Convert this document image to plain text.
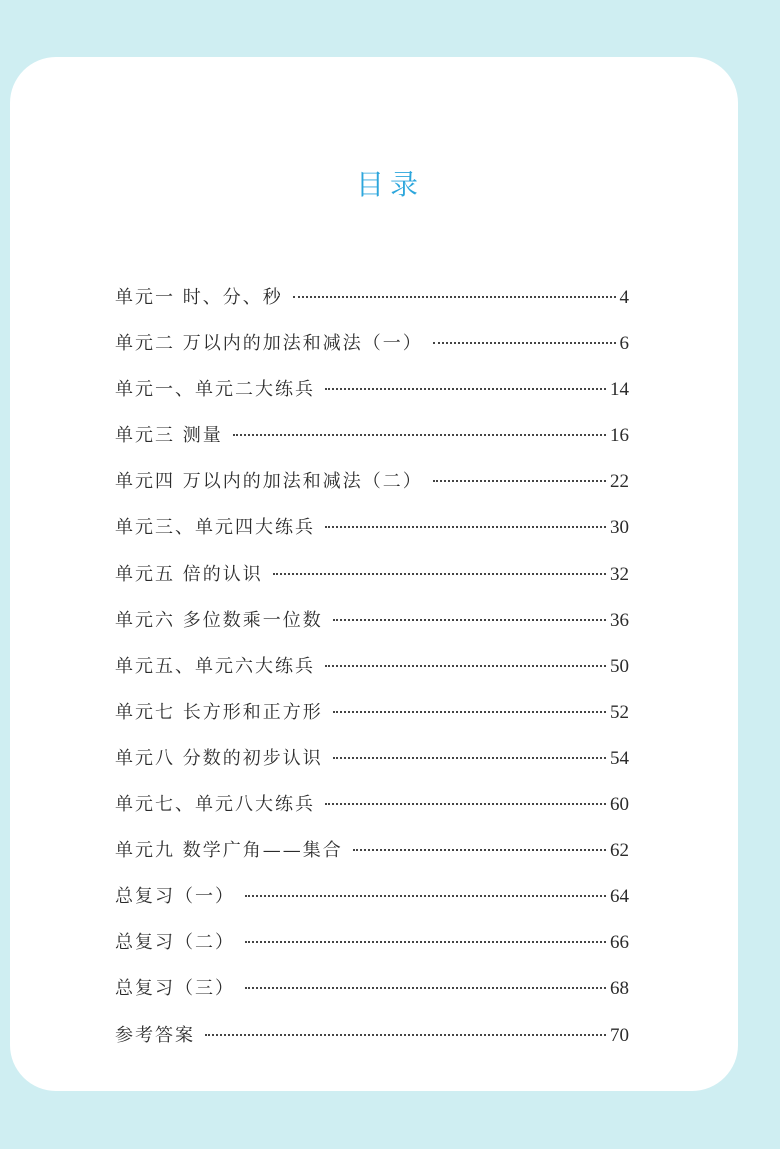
目录
单元一 时、分、秒	4
单元二 万以内的加法和减法（一）	6
单元一、单元二大练兵	14
单元三 测量	16
单元四 万以内的加法和减法（二）	22
单元三、单元四大练兵	30
单元五 倍的认识	32
单元六 多位数乘一位数	36
单元五、单元六大练兵	50
单元七 长方形和正方形	52
单元八 分数的初步认识	54
单元七、单元八大练兵	60
单元九 数学广角——集合	62
总复习（一）	64
总复习（二）	66
总复习（三）	68
参考答案	70
